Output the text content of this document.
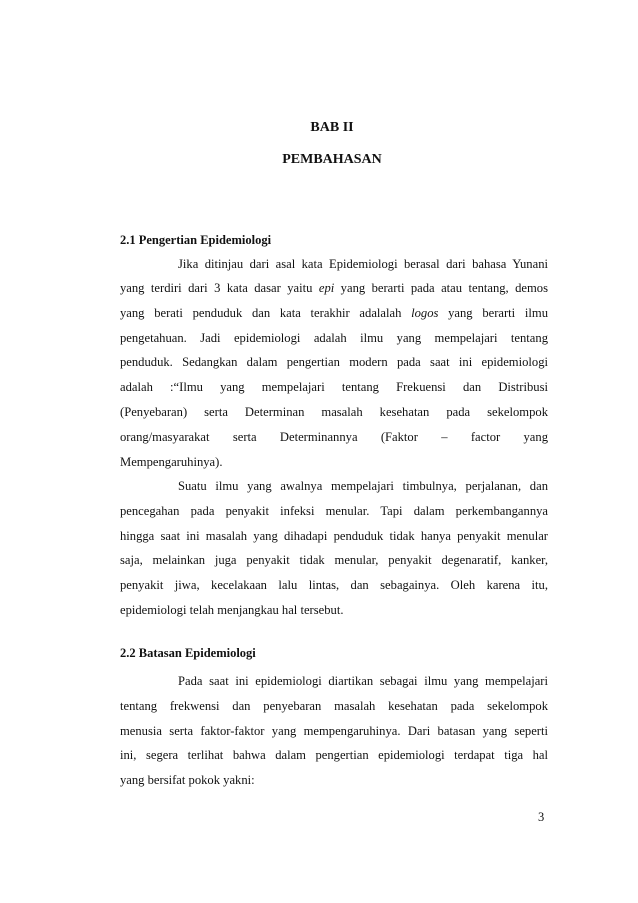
BAB II
PEMBAHASAN
2.1 Pengertian Epidemiologi
Jika ditinjau dari asal kata Epidemiologi berasal dari bahasa Yunani
yang terdiri dari 3 kata dasar yaitu epi yang berarti pada atau tentang, demos
yang berati penduduk dan kata terakhir adalalah logos yang berarti ilmu
pengetahuan. Jadi epidemiologi adalah ilmu yang mempelajari tentang
penduduk. Sedangkan dalam pengertian modern pada saat ini epidemiologi
adalah :“Ilmu yang mempelajari tentang Frekuensi dan Distribusi
(Penyebaran) serta Determinan masalah kesehatan pada sekelompok
orang/masyarakat serta Determinannya (Faktor – factor yang
Mempengaruhinya).
Suatu ilmu yang awalnya mempelajari timbulnya, perjalanan, dan
pencegahan pada penyakit infeksi menular. Tapi dalam perkembangannya
hingga saat ini masalah yang dihadapi penduduk tidak hanya penyakit menular
saja, melainkan juga penyakit tidak menular, penyakit degenaratif, kanker,
penyakit jiwa, kecelakaan lalu lintas, dan sebagainya. Oleh karena itu,
epidemiologi telah menjangkau hal tersebut.
2.2 Batasan Epidemiologi
Pada saat ini epidemiologi diartikan sebagai ilmu yang mempelajari
tentang frekwensi dan penyebaran masalah kesehatan pada sekelompok
menusia serta faktor-faktor yang mempengaruhinya. Dari batasan yang seperti
ini, segera terlihat bahwa dalam pengertian epidemiologi terdapat tiga hal
yang bersifat pokok yakni:
3
